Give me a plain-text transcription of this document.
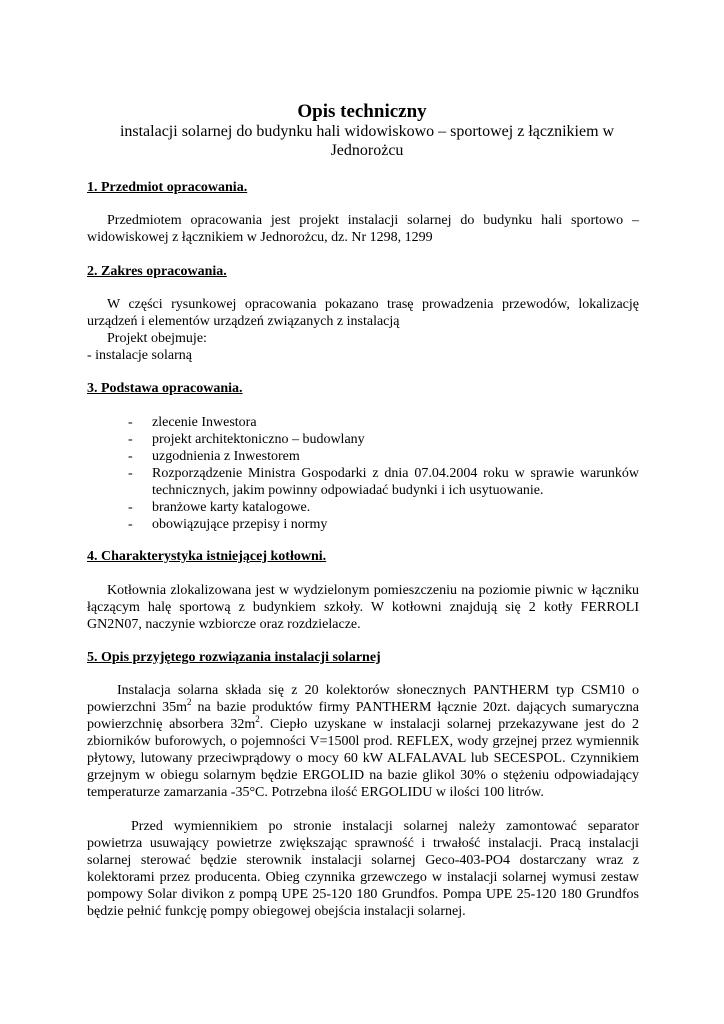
Opis techniczny
instalacji solarnej do budynku hali widowiskowo – sportowej z łącznikiem w Jednorożcu
1. Przedmiot opracowania.
Przedmiotem opracowania jest projekt instalacji solarnej do budynku hali sportowo – widowiskowej z łącznikiem w Jednorożcu, dz. Nr 1298, 1299
2. Zakres opracowania.
W części rysunkowej opracowania pokazano trasę prowadzenia przewodów, lokalizację urządzeń i elementów urządzeń związanych z instalacją
Projekt obejmuje:
- instalacje solarną
3. Podstawa opracowania.
- zlecenie Inwestora
- projekt architektoniczno – budowlany
- uzgodnienia z Inwestorem
- Rozporządzenie Ministra Gospodarki z dnia 07.04.2004 roku w sprawie warunków technicznych, jakim powinny odpowiadać budynki i ich usytuowanie.
- branżowe karty katalogowe.
- obowiązujące przepisy i normy
4. Charakterystyka istniejącej kotłowni.
Kotłownia zlokalizowana jest w wydzielonym pomieszczeniu na poziomie piwnic w łączniku łączącym halę sportową z budynkiem szkoły. W kotłowni znajdują się 2 kotły FERROLI GN2N07, naczynie wzbiorcze oraz rozdzielacze.
5. Opis przyjętego rozwiązania instalacji solarnej
Instalacja solarna składa się z 20 kolektorów słonecznych PANTHERM typ CSM10 o powierzchni $35m^2$ na bazie produktów firmy PANTHERM łącznie 20zt. dających sumaryczna powierzchnię absorbera $32m^2$. Ciepło uzyskane w instalacji solarnej przekazywane jest do 2 zbiorników buforowych, o pojemności V=1500l prod. REFLEX, wody grzejnej przez wymiennik płytowy, lutowany przeciwprądowy o mocy 60 kW ALFALAVAL lub SECESPOL. Czynnikiem grzejnym w obiegu solarnym będzie ERGOLID na bazie glikol 30% o stężeniu odpowiadający temperaturze zamarzania -35°C. Potrzebna ilość ERGOLIDU w ilości 100 litrów.
Przed wymiennikiem po stronie instalacji solarnej należy zamontować separator powietrza usuwający powietrze zwiększając sprawność i trwałość instalacji. Pracą instalacji solarnej sterować będzie sterownik instalacji solarnej Geco-403-PO4 dostarczany wraz z kolektorami przez producenta. Obieg czynnika grzewczego w instalacji solarnej wymusi zestaw pompowy Solar divikon z pompą UPE 25-120 180 Grundfos. Pompa UPE 25-120 180 Grundfos będzie pełnić funkcję pompy obiegowej obejścia instalacji solarnej.
